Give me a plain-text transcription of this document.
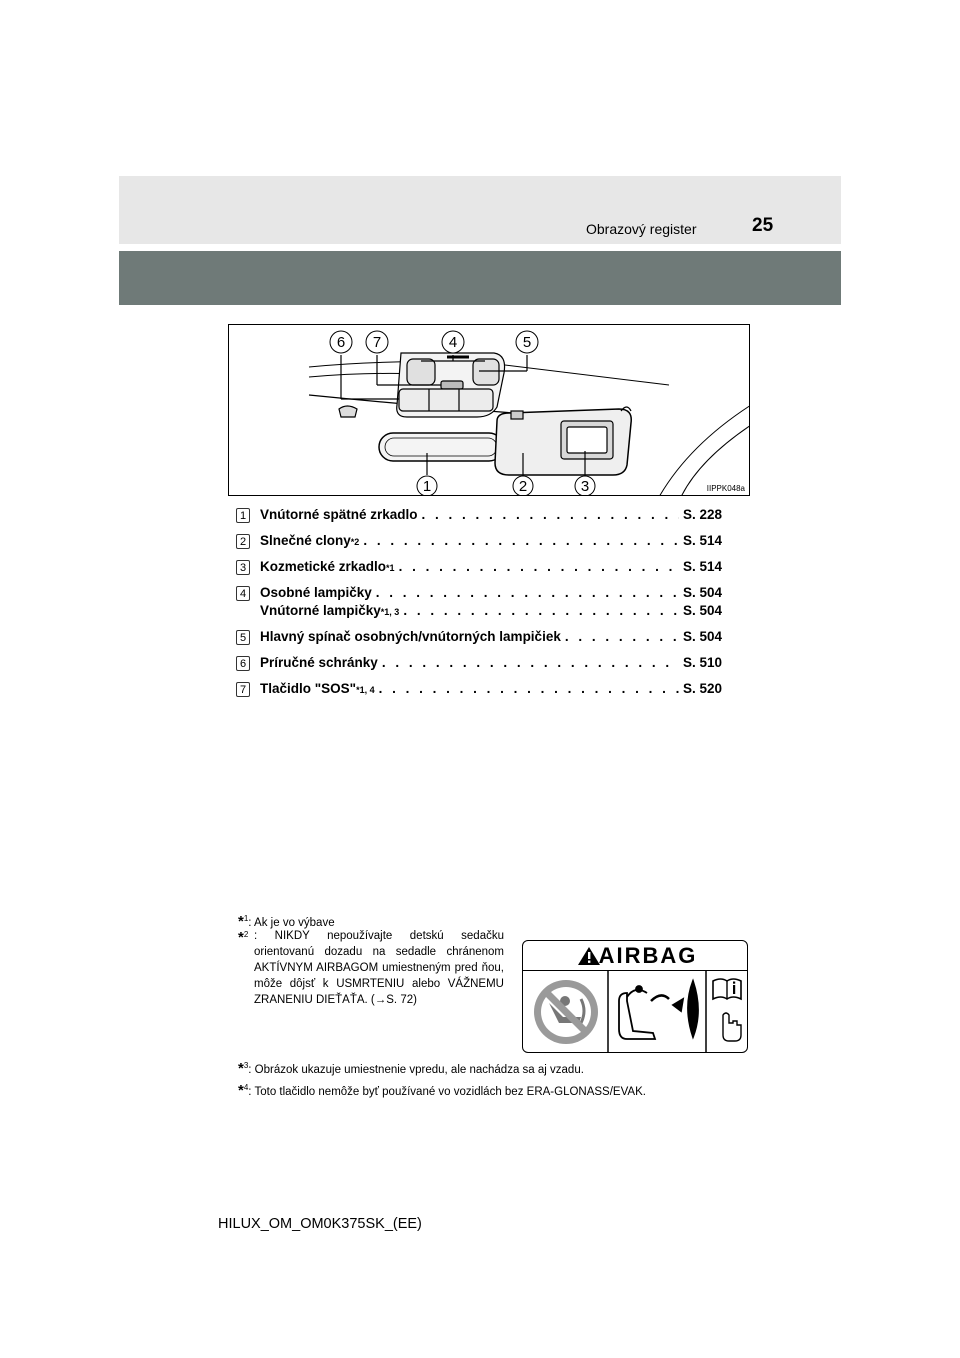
Obrazový register	25
6 7	4	5
1	2	3	IIPPK048a
1 Vnútorné spätné zrkadlo . . .	S. 228
2 Slnečné clony *2 . . .	S. 514
3 Kozmetické zrkadlo *1 . . .	S. 514
4 Osobné lampičky . . .	S. 504
Vnútorné lampičky *1, 3 . . .	S. 504
5 Hlavný spínač osobných/vnútorných lampičiek . . .	S. 504
6 Príručné schránky . . .	S. 510
7 Tlačidlo "SOS" *1, 4 . . .	S. 520
*$^1$: Ak je vo výbave
*$^2$ : NIKDY nepoužívajte detskú sedačku orientovanú dozadu na sedadle chránenom AKTÍVNYM AIRBAGOM umiestneným pred ňou, môže dôjsť k USMRTENIU alebo VÁŽNEMU ZRANENIU DIEŤAŤA. (→S. 72)
*$^3$: Obrázok ukazuje umiestnenie vpredu, ale nachádza sa aj vzadu.
*$^4$: Toto tlačidlo nemôže byť používané vo vozidlách bez ERA-GLONASS/EVAK.
AIRBAG
HILUX_OM_OM0K375SK_(EE)
